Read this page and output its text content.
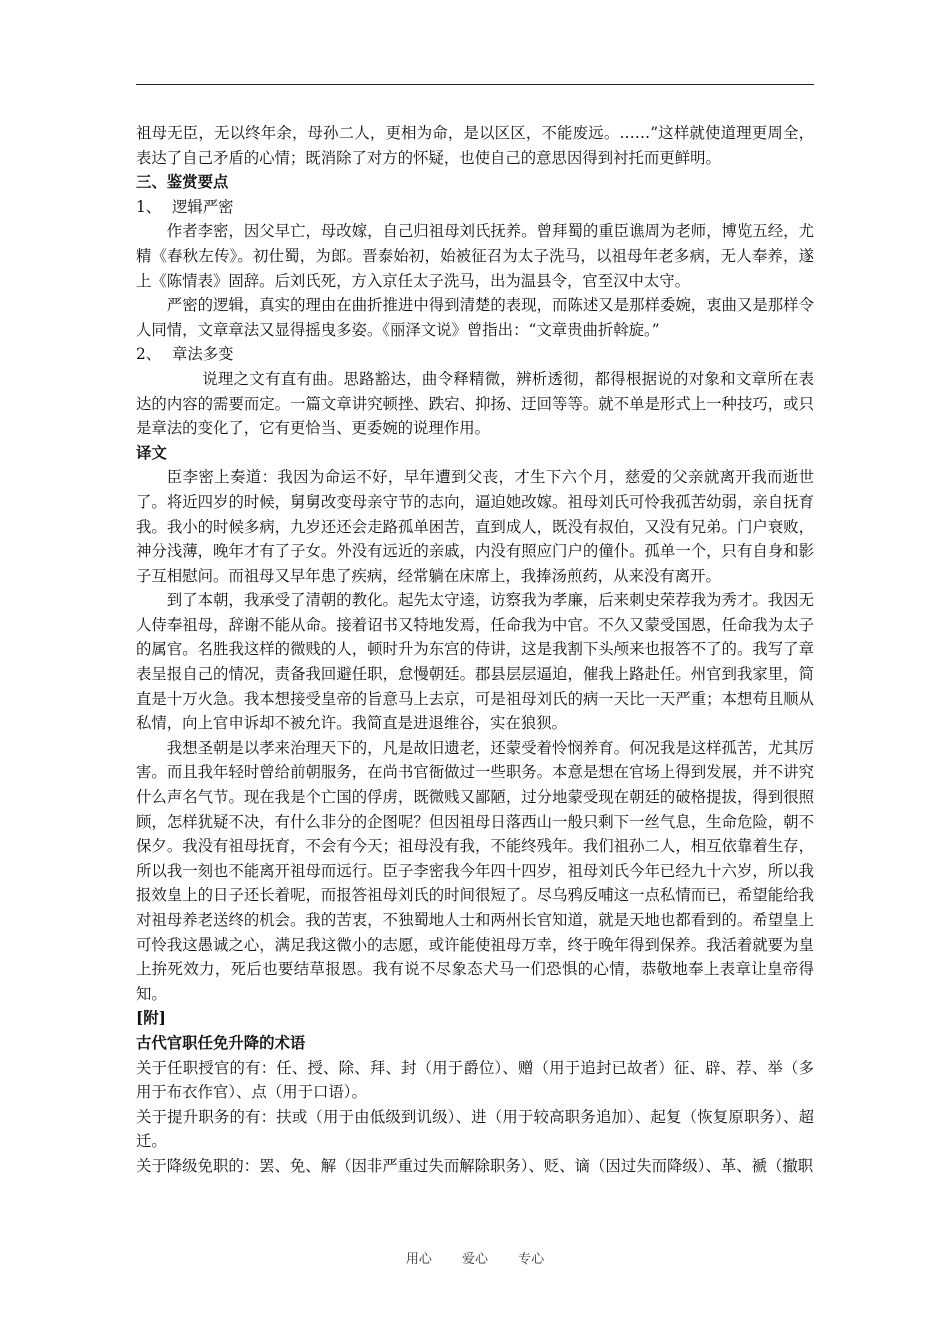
祖母无臣，无以终年余，母孙二人，更相为命，是以区区，不能废远。……”这样就使道理更周全，表达了自己矛盾的心情；既消除了对方的怀疑，也使自己的意思因得到衬托而更鲜明。

三、鉴赏要点

1、 逻辑严密

作者李密，因父早亡，母改嫁，自己归祖母刘氏抚养。曾拜蜀的重臣谯周为老师，博览五经，尤精《春秋左传》。初仕蜀，为郎。晋泰始初，始被征召为太子洗马，以祖母年老多病，无人奉养，遂上《陈情表》固辞。后刘氏死，方入京任太子洗马，出为温县令，官至汉中太守。

严密的逻辑，真实的理由在曲折推进中得到清楚的表现，而陈述又是那样委婉，衷曲又是那样令人同情，文章章法又显得摇曳多姿。《丽泽文说》曾指出：“文章贵曲折斡旋。”

2、 章法多变

说理之文有直有曲。思路豁达，曲令释精微，辨析透彻，都得根据说的对象和文章所在表达的内容的需要而定。一篇文章讲究顿挫、跌宕、抑扬、迂回等等。就不单是形式上一种技巧，或只是章法的变化了，它有更恰当、更委婉的说理作用。

译文

臣李密上奏道：我因为命运不好，早年遭到父丧，才生下六个月，慈爱的父亲就离开我而逝世了。将近四岁的时候，舅舅改变母亲守节的志向，逼迫她改嫁。祖母刘氏可怜我孤苦幼弱，亲自抚育我。我小的时候多病，九岁还还会走路孤单困苦，直到成人，既没有叔伯，又没有兄弟。门户衰败，神分浅薄，晚年才有了子女。外没有远近的亲戚，内没有照应门户的僮仆。孤单一个，只有自身和影子互相慰问。而祖母又早年患了疾病，经常躺在床席上，我捧汤煎药，从来没有离开。

到了本朝，我承受了清朝的教化。起先太守逵，访察我为孝廉，后来刺史荣荐我为秀才。我因无人侍奉祖母，辞谢不能从命。接着诏书又特地发焉，任命我为中官。不久又蒙受国恩，任命我为太子的属官。名胜我这样的微贱的人，顿时升为东宫的侍讲，这是我割下头颅来也报答不了的。我写了章表呈报自己的情况，责备我回避任职，怠慢朝廷。郡县层层逼迫，催我上路赴任。州官到我家里，简直是十万火急。我本想接受皇帝的旨意马上去京，可是祖母刘氏的病一天比一天严重；本想苟且顺从私情，向上官申诉却不被允许。我简直是进退维谷，实在狼狈。

我想圣朝是以孝来治理天下的，凡是故旧遗老，还蒙受着怜悯养育。何况我是这样孤苦，尤其厉害。而且我年轻时曾给前朝服务，在尚书官衙做过一些职务。本意是想在官场上得到发展，并不讲究什么声名气节。现在我是个亡国的俘虏，既微贱又鄙陋，过分地蒙受现在朝廷的破格提拔，得到很照顾，怎样犹疑不决，有什么非分的企图呢？但因祖母日落西山一般只剩下一丝气息，生命危险，朝不保夕。我没有祖母抚育，不会有今天；祖母没有我，不能终残年。我们祖孙二人，相互依靠着生存，所以我一刻也不能离开祖母而远行。臣子李密我今年四十四岁，祖母刘氏今年已经九十六岁，所以我报效皇上的日子还长着呢，而报答祖母刘氏的时间很短了。尽乌鸦反哺这一点私情而已，希望能给我对祖母养老送终的机会。我的苦衷，不独蜀地人士和两州长官知道，就是天地也都看到的。希望皇上可怜我这愚诚之心，满足我这微小的志愿，或许能使祖母万幸，终于晚年得到保养。我活着就要为皇上拚死效力，死后也要结草报恩。我有说不尽象态犬马一们恐惧的心情，恭敬地奉上表章让皇帝得知。

[附]

古代官职任免升降的术语

关于任职授官的有：任、授、除、拜、封（用于爵位）、赠（用于追封已故者）征、辟、荐、举（多用于布衣作官）、点（用于口语）。

关于提升职务的有：扶或（用于由低级到讥级）、进（用于较高职务追加）、起复（恢复原职务）、超迁。

关于降级免职的：罢、免、解（因非严重过失而解除职务）、贬、谪（因过失而降级）、革、褫（撤职

用心 爱心 专心
